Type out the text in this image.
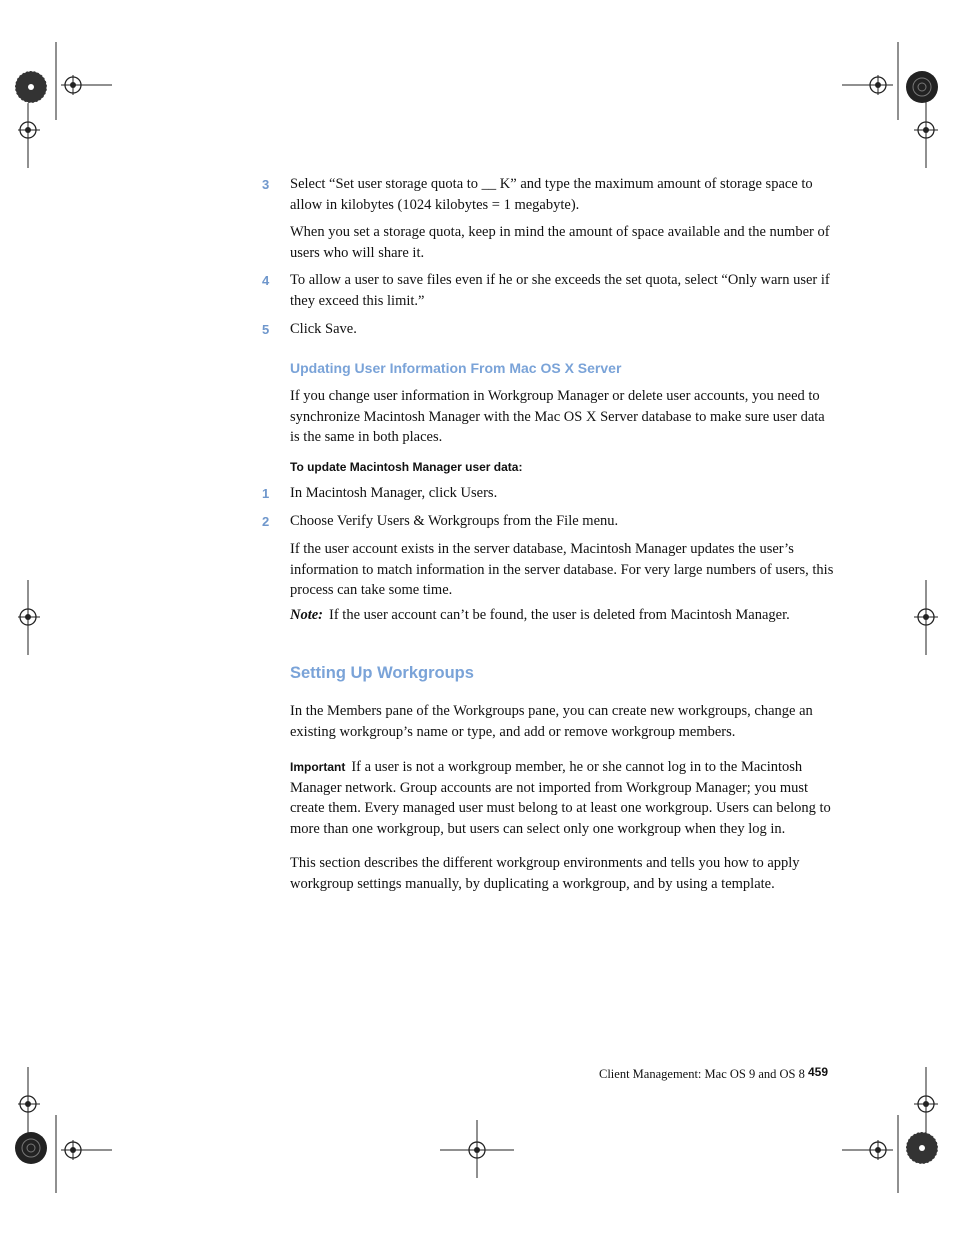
3	Select “Set user storage quota to __ K” and type the maximum amount of storage space to allow in kilobytes (1024 kilobytes = 1 megabyte).
When you set a storage quota, keep in mind the amount of space available and the number of users who will share it.
4	To allow a user to save files even if he or she exceeds the set quota, select “Only warn user if they exceed this limit.”
5	Click Save.
Updating User Information From Mac OS X Server
If you change user information in Workgroup Manager or delete user accounts, you need to synchronize Macintosh Manager with the Mac OS X Server database to make sure user data is the same in both places.
To update Macintosh Manager user data:
1	In Macintosh Manager, click Users.
2	Choose Verify Users & Workgroups from the File menu.
If the user account exists in the server database, Macintosh Manager updates the user’s information to match information in the server database. For very large numbers of users, this process can take some time.
Note: If the user account can’t be found, the user is deleted from Macintosh Manager.
Setting Up Workgroups
In the Members pane of the Workgroups pane, you can create new workgroups, change an existing workgroup’s name or type, and add or remove workgroup members.
Important If a user is not a workgroup member, he or she cannot log in to the Macintosh Manager network. Group accounts are not imported from Workgroup Manager; you must create them. Every managed user must belong to at least one workgroup. Users can belong to more than one workgroup, but users can select only one workgroup when they log in.
This section describes the different workgroup environments and tells you how to apply workgroup settings manually, by duplicating a workgroup, and by using a template.
Client Management: Mac OS 9 and OS 8 459
